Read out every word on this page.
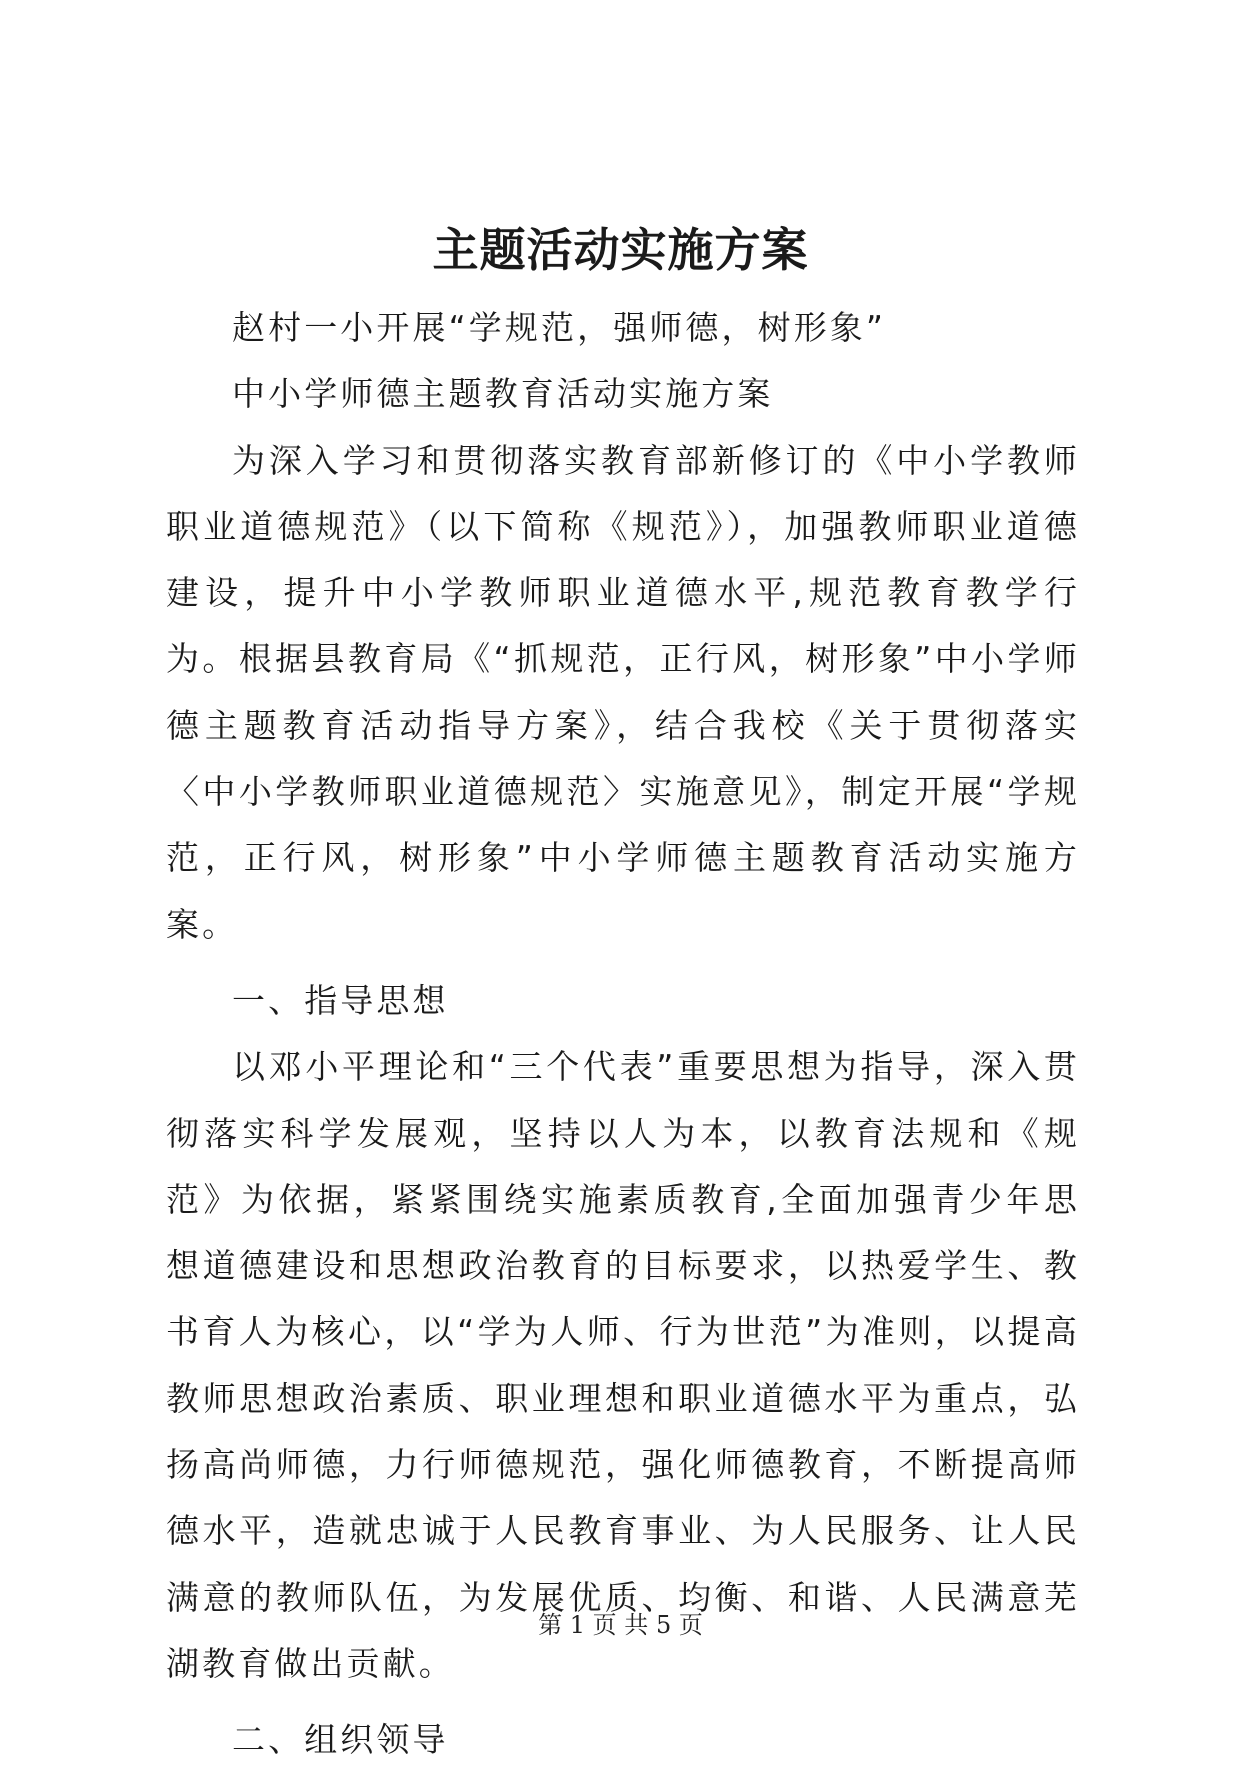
主题活动实施方案

赵村一小开展“学规范，强师德，树形象”

中小学师德主题教育活动实施方案

为深入学习和贯彻落实教育部新修订的《中小学教师职业道德规范》（以下简称《规范》），加强教师职业道德建设，提升中小学教师职业道德水平,规范教育教学行为。根据县教育局《“抓规范，正行风，树形象”中小学师德主题教育活动指导方案》，结合我校《关于贯彻落实〈中小学教师职业道德规范〉实施意见》，制定开展“学规范，正行风，树形象”中小学师德主题教育活动实施方案。

一、指导思想

以邓小平理论和“三个代表”重要思想为指导，深入贯彻落实科学发展观，坚持以人为本，以教育法规和《规范》为依据，紧紧围绕实施素质教育,全面加强青少年思想道德建设和思想政治教育的目标要求，以热爱学生、教书育人为核心，以“学为人师、行为世范”为准则，以提高教师思想政治素质、职业理想和职业道德水平为重点，弘扬高尚师德，力行师德规范，强化师德教育，不断提高师德水平，造就忠诚于人民教育事业、为人民服务、让人民满意的教师队伍，为发展优质、均衡、和谐、人民满意芜湖教育做出贡献。

二、组织领导

第 1 页 共 5 页
